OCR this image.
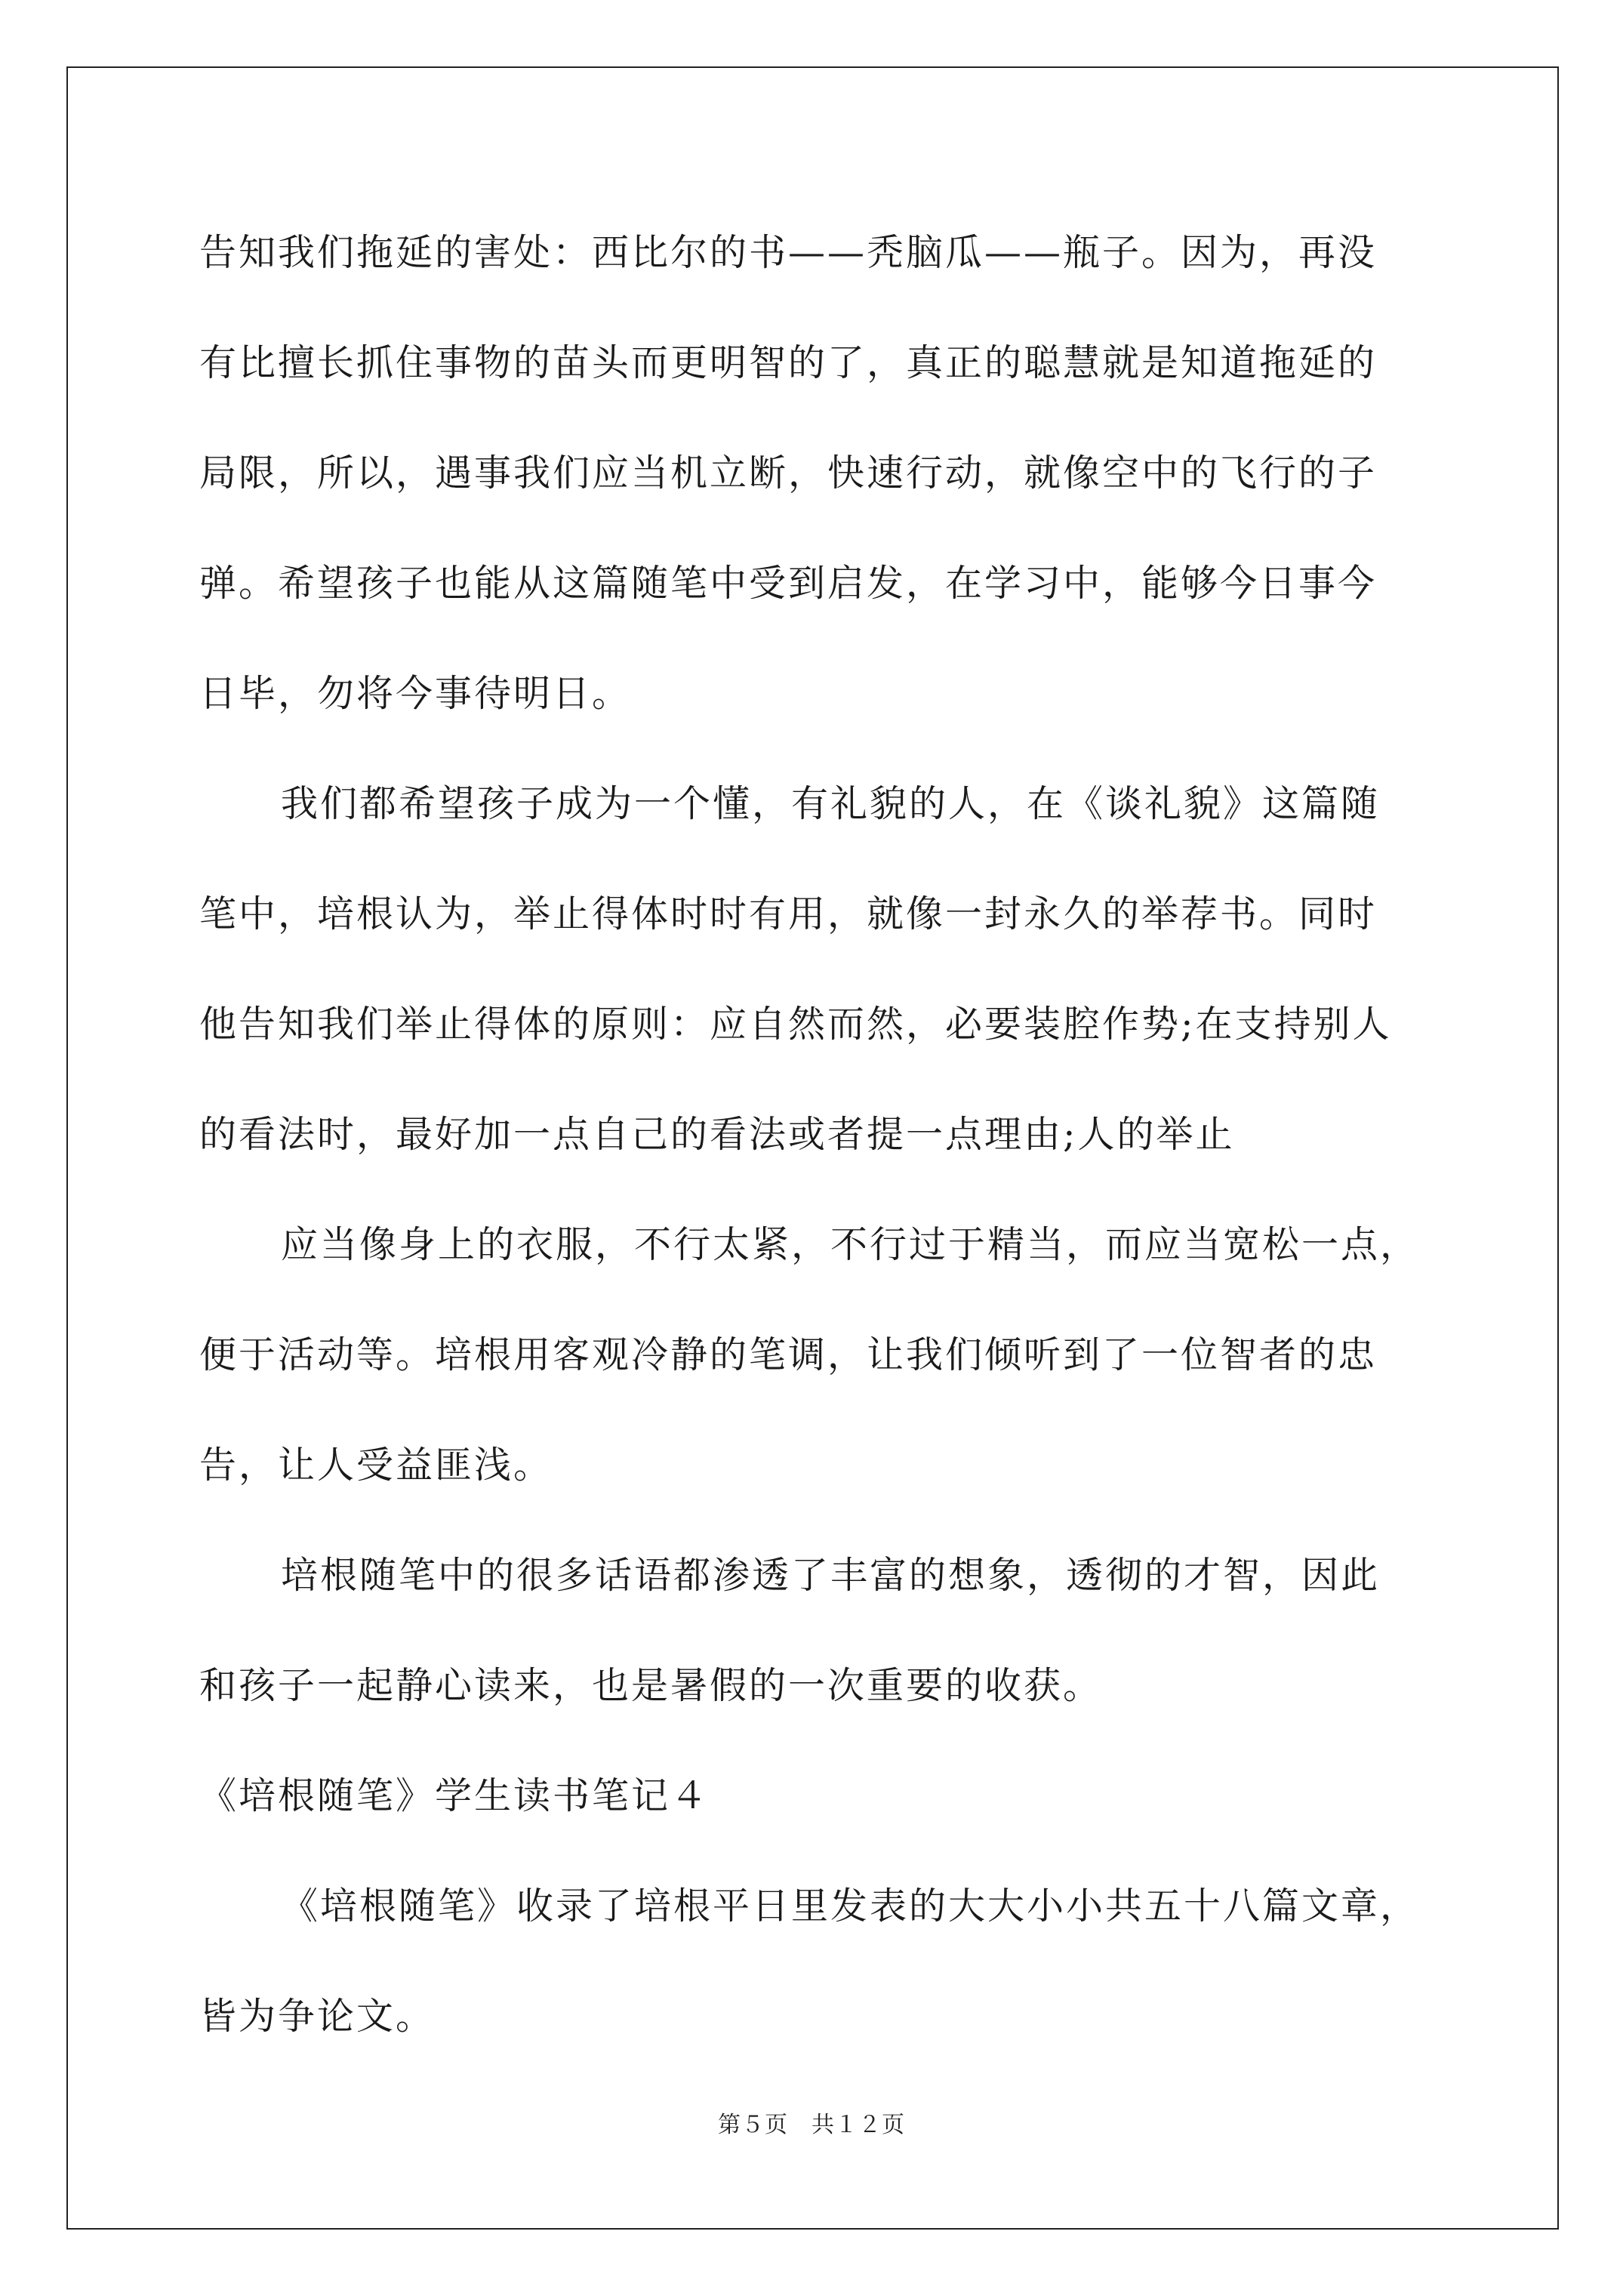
告知我们拖延的害处：西比尔的书——秃脑瓜——瓶子。因为，再没
有比擅长抓住事物的苗头而更明智的了，真正的聪慧就是知道拖延的
局限，所以，遇事我们应当机立断，快速行动，就像空中的飞行的子
弹。希望孩子也能从这篇随笔中受到启发，在学习中，能够今日事今
日毕，勿将今事待明日。
我们都希望孩子成为一个懂，有礼貌的人，在《谈礼貌》这篇随
笔中，培根认为，举止得体时时有用，就像一封永久的举荐书。同时
他告知我们举止得体的原则：应自然而然，必要装腔作势;在支持别人
的看法时，最好加一点自己的看法或者提一点理由;人的举止
应当像身上的衣服，不行太紧，不行过于精当，而应当宽松一点，
便于活动等。培根用客观冷静的笔调，让我们倾听到了一位智者的忠
告，让人受益匪浅。
培根随笔中的很多话语都渗透了丰富的想象，透彻的才智，因此
和孩子一起静心读来，也是暑假的一次重要的收获。
《培根随笔》学生读书笔记４
《培根随笔》收录了培根平日里发表的大大小小共五十八篇文章，
皆为争论文。
第５页　共１２页
